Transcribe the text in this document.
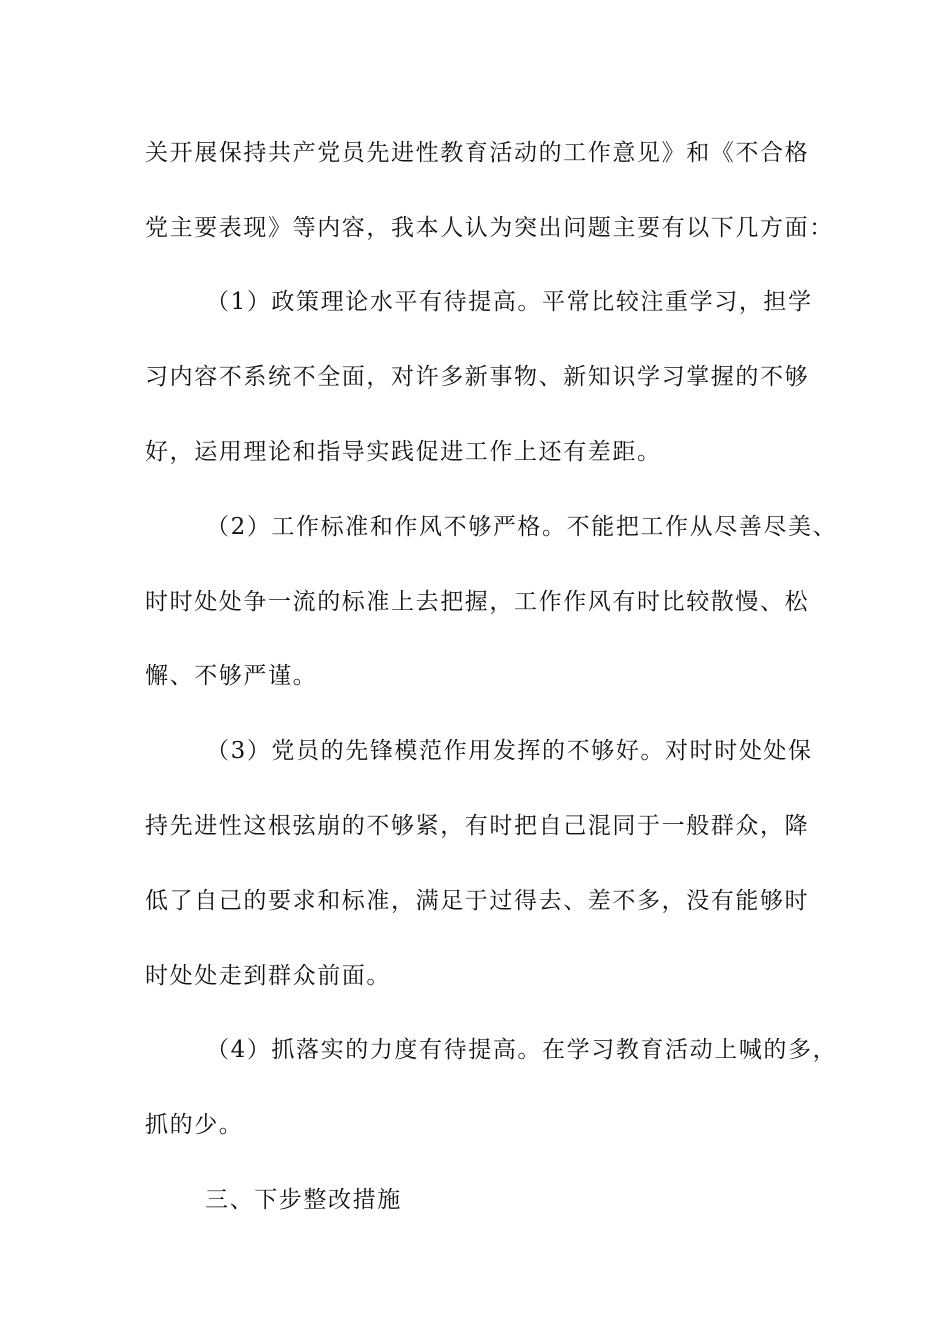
关开展保持共产党员先进性教育活动的工作意见》和《不合格
党主要表现》等内容，我本人认为突出问题主要有以下几方面：
（1）政策理论水平有待提高。平常比较注重学习，担学
习内容不系统不全面，对许多新事物、新知识学习掌握的不够
好，运用理论和指导实践促进工作上还有差距。
（2）工作标准和作风不够严格。不能把工作从尽善尽美、
时时处处争一流的标准上去把握，工作作风有时比较散慢、松
懈、不够严谨。
（3）党员的先锋模范作用发挥的不够好。对时时处处保
持先进性这根弦崩的不够紧，有时把自己混同于一般群众，降
低了自己的要求和标准，满足于过得去、差不多，没有能够时
时处处走到群众前面。
（4）抓落实的力度有待提高。在学习教育活动上喊的多，
抓的少。
三、下步整改措施
